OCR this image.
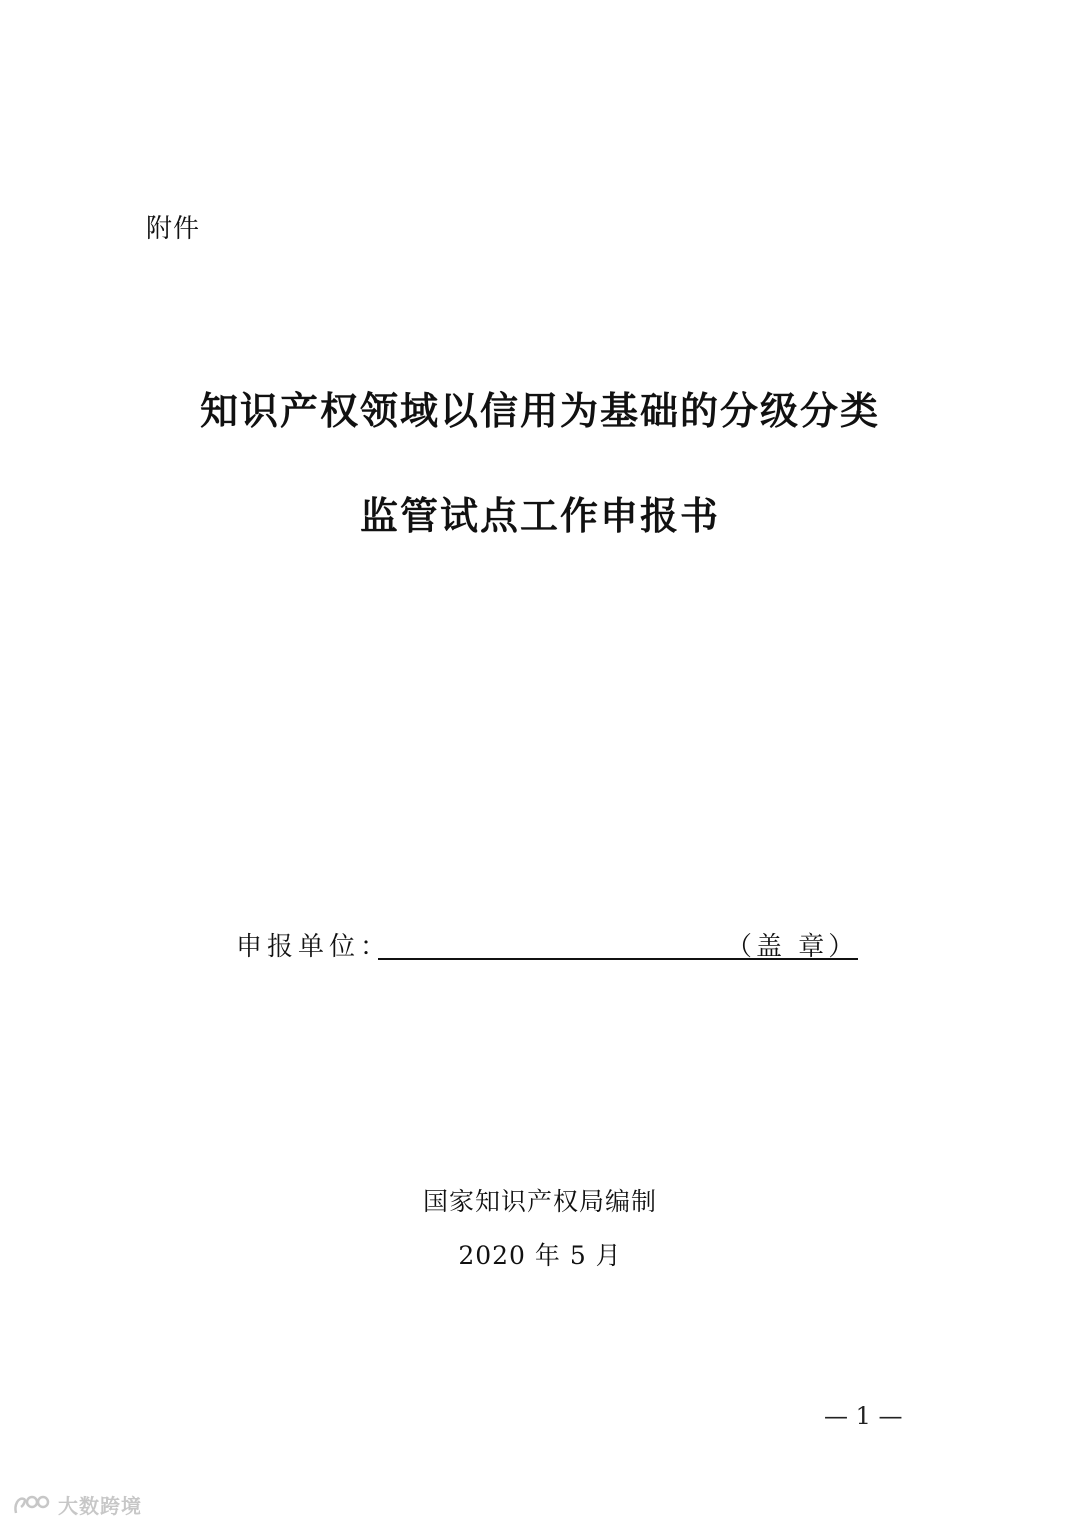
附件
知识产权领域以信用为基础的分级分类
监管试点工作申报书
申报单位：	（盖 章）
国家知识产权局编制
2020 年 5 月
— 1 —
大数跨境
